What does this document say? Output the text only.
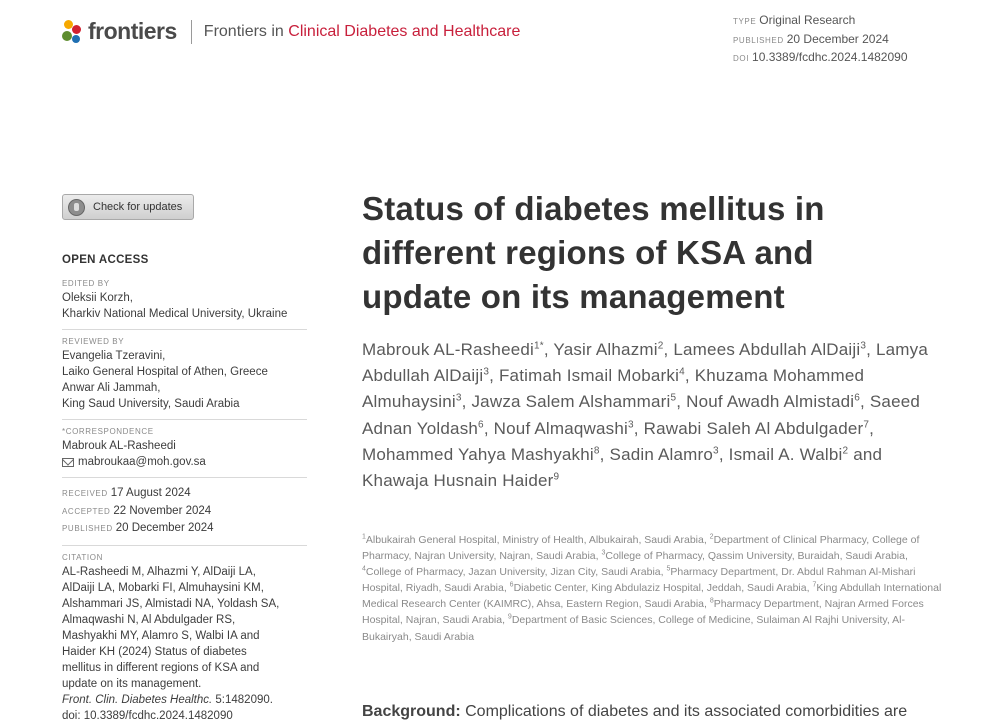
frontiers Frontiers in Clinical Diabetes and Healthcare
TYPE Original Research
PUBLISHED 20 December 2024
DOI 10.3389/fcdhc.2024.1482090
Check for updates
OPEN ACCESS
EDITED BY
Oleksii Korzh,
Kharkiv National Medical University, Ukraine
REVIEWED BY
Evangelia Tzeravini,
Laiko General Hospital of Athen, Greece
Anwar Ali Jammah,
King Saud University, Saudi Arabia
*CORRESPONDENCE
Mabrouk AL-Rasheedi
mabroukaa@moh.gov.sa
RECEIVED 17 August 2024
ACCEPTED 22 November 2024
PUBLISHED 20 December 2024
CITATION
AL-Rasheedi M, Alhazmi Y, AlDaiji LA,
AlDaiji LA, Mobarki FI, Almuhaysini KM,
Alshammari JS, Almistadi NA, Yoldash SA,
Almaqwashi N, Al Abdulgader RS,
Mashyakhi MY, Alamro S, Walbi IA and
Haider KH (2024) Status of diabetes
mellitus in different regions of KSA and
update on its management.
Front. Clin. Diabetes Healthc. 5:1482090.
doi: 10.3389/fcdhc.2024.1482090
Status of diabetes mellitus in different regions of KSA and update on its management
Mabrouk AL-Rasheedi$^{1*}$, Yasir Alhazmi$^2$, Lamees Abdullah AlDaiji$^3$, Lamya Abdullah AlDaiji$^3$, Fatimah Ismail Mobarki$^4$, Khuzama Mohammed Almuhaysini$^3$, Jawza Salem Alshammari$^5$, Nouf Awadh Almistadi$^6$, Saeed Adnan Yoldash$^6$, Nouf Almaqwashi$^3$, Rawabi Saleh Al Abdulgader$^7$, Mohammed Yahya Mashyakhi$^8$, Sadin Alamro$^3$, Ismail A. Walbi$^2$ and Khawaja Husnain Haider$^9$
$^1$Albukairah General Hospital, Ministry of Health, Albukairah, Saudi Arabia, $^2$Department of Clinical Pharmacy, College of Pharmacy, Najran University, Najran, Saudi Arabia, $^3$College of Pharmacy, Qassim University, Buraidah, Saudi Arabia, $^4$College of Pharmacy, Jazan University, Jizan City, Saudi Arabia, $^5$Pharmacy Department, Dr. Abdul Rahman Al-Mishari Hospital, Riyadh, Saudi Arabia, $^6$Diabetic Center, King Abdulaziz Hospital, Jeddah, Saudi Arabia, $^7$King Abdullah International Medical Research Center (KAIMRC), Ahsa, Eastern Region, Saudi Arabia, $^8$Pharmacy Department, Najran Armed Forces Hospital, Najran, Saudi Arabia, $^9$Department of Basic Sciences, College of Medicine, Sulaiman Al Rajhi University, Al-Bukairyah, Saudi Arabia
Background: Complications of diabetes and its associated comorbidities are
